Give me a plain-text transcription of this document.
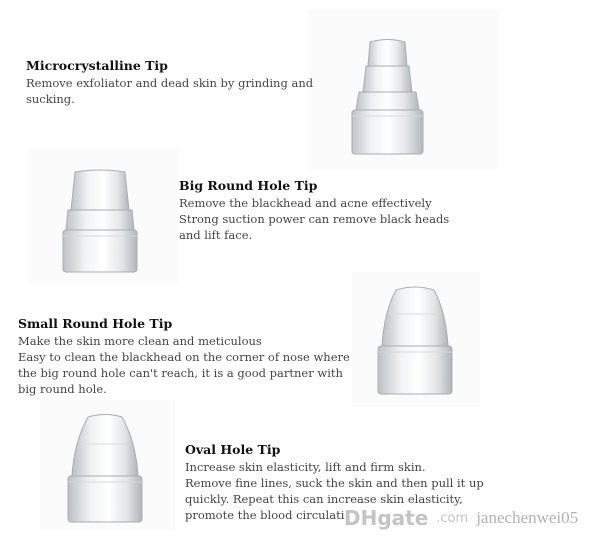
Microcrystalline Tip

Remove exfoliator and dead skin by grinding and

sucking.

Big Round Hole Tip

Remove the blackhead and acne effectively

Strong suction power can remove black heads

and lift face.

Small Round Hole Tip

Make the skin more clean and meticulous

Easy to clean the blackhead on the corner of nose where

the big round hole can't reach, it is a good partner with

big round hole.

Oval Hole Tip

Increase skin elasticity, lift and firm skin.

Remove fine lines, suck the skin and then pull it up

quickly. Repeat this can increase skin elasticity,

promote the blood circulati DHgate .com janechenwei05
